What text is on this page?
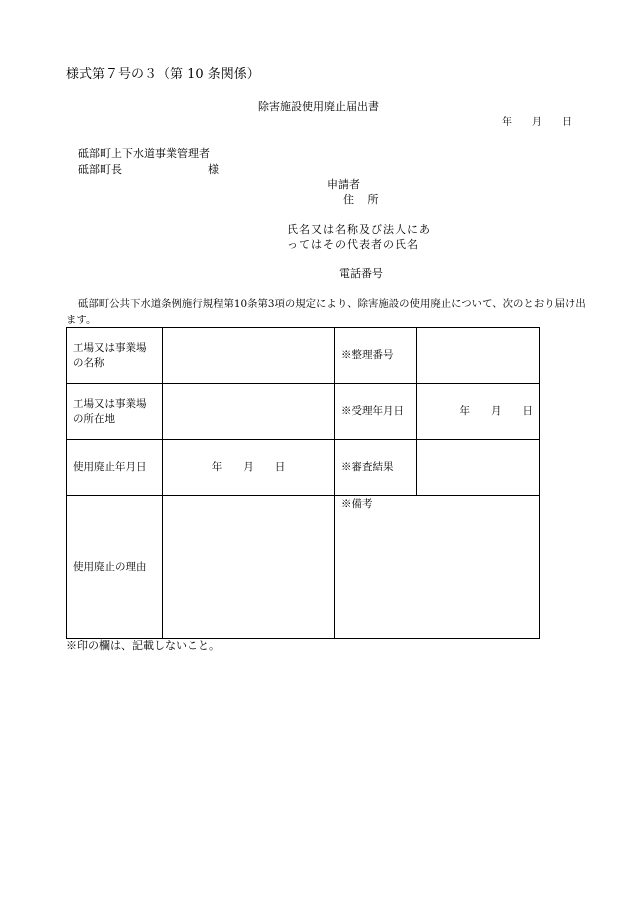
様式第７号の３（第 10 条関係）
除害施設使用廃止届出書
年　　月　　日
砥部町上下水道事業管理者
砥部町長	様
申請者
住 所
氏名又は名称及び法人にあ
ってはその代表者の氏名
電話番号
砥部町公共下水道条例施行規程第10条第3項の規定により、除害施設の使用廃止について、次のとおり届け出ます。
工場又は事業場の名称		※整理番号	
工場又は事業場の所在地		※受理年月日	年　　月　　日
使用廃止年月日	年　　月　　日	※審査結果	
使用廃止の理由		※備考	
※印の欄は、記載しないこと。
